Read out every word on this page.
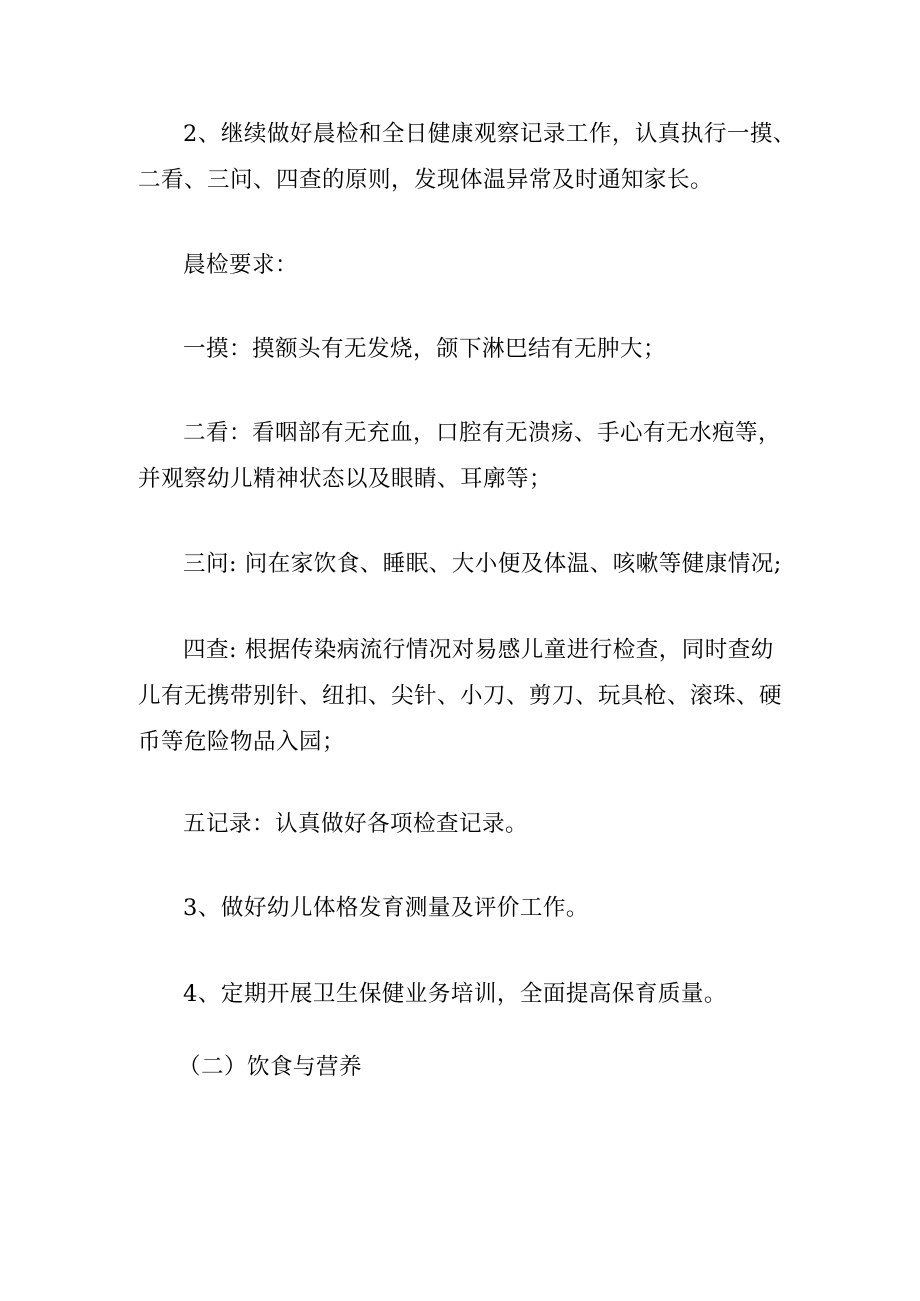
2、继续做好晨检和全日健康观察记录工作，认真执行一摸、
二看、三问、四查的原则，发现体温异常及时通知家长。

晨检要求：

一摸：摸额头有无发烧，颌下淋巴结有无肿大；

二看：看咽部有无充血，口腔有无溃疡、手心有无水疱等，
并观察幼儿精神状态以及眼睛、耳廓等；

三问: 问在家饮食、睡眠、大小便及体温、咳嗽等健康情况;

四查: 根据传染病流行情况对易感儿童进行检查，同时查幼
儿有无携带别针、纽扣、尖针、小刀、剪刀、玩具枪、滚珠、硬
币等危险物品入园；

五记录：认真做好各项检查记录。

3、做好幼儿体格发育测量及评价工作。

4、定期开展卫生保健业务培训，全面提高保育质量。

（二）饮食与营养
